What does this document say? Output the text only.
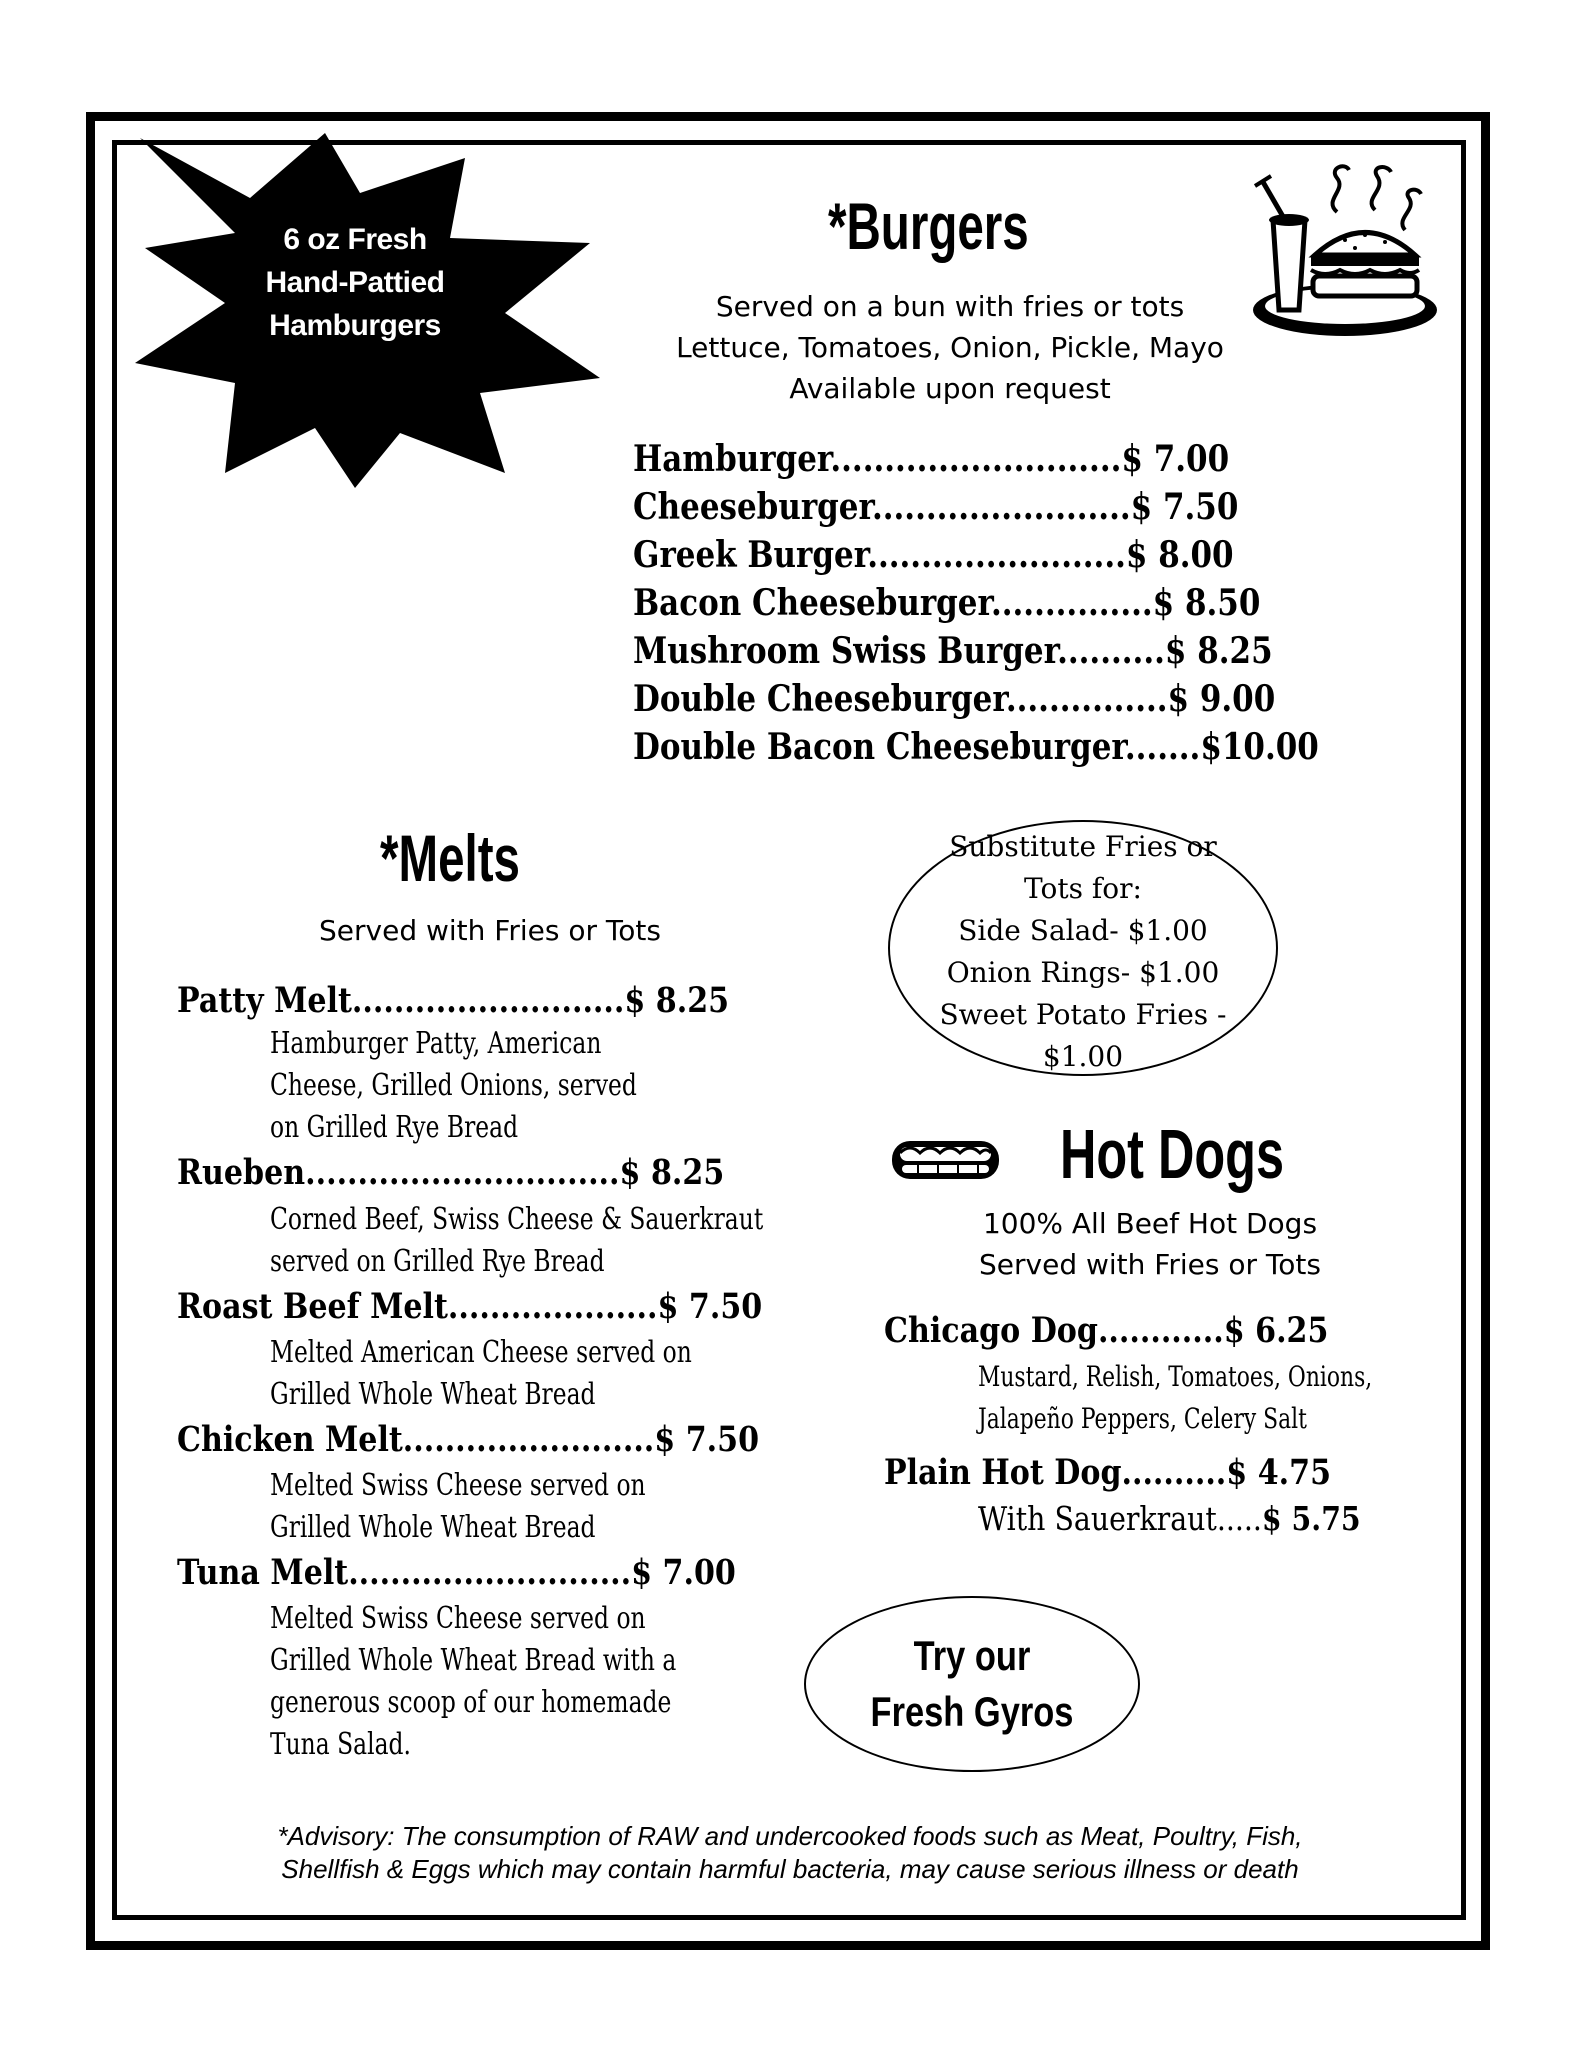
6 oz Fresh
Hand-Pattied
Hamburgers
*Burgers
Served on a bun with fries or tots
Lettuce, Tomatoes, Onion, Pickle, Mayo
Available upon request
Hamburger...........................$ 7.00
Cheeseburger........................$ 7.50
Greek Burger........................$ 8.00
Bacon Cheeseburger...............$ 8.50
Mushroom Swiss Burger..........$ 8.25
Double Cheeseburger...............$ 9.00
Double Bacon Cheeseburger.......$10.00
*Melts
Served with Fries or Tots
Patty Melt..........................$ 8.25
Hamburger Patty, American
Cheese, Grilled Onions, served
on Grilled Rye Bread
Rueben..............................$ 8.25
Corned Beef, Swiss Cheese & Sauerkraut
served on Grilled Rye Bread
Roast Beef Melt....................$ 7.50
Melted American Cheese served on
Grilled Whole Wheat Bread
Chicken Melt........................$ 7.50
Melted Swiss Cheese served on
Grilled Whole Wheat Bread
Tuna Melt...........................$ 7.00
Melted Swiss Cheese served on
Grilled Whole Wheat Bread with a
generous scoop of our homemade
Tuna Salad.
Substitute Fries or
Tots for:
Side Salad- $1.00
Onion Rings- $1.00
Sweet Potato Fries - $1.00
Hot Dogs
100% All Beef Hot Dogs
Served with Fries or Tots
Chicago Dog............$ 6.25
Mustard, Relish, Tomatoes, Onions,
Jalapeño Peppers, Celery Salt
Plain Hot Dog..........$ 4.75
With Sauerkraut.....$ 5.75
Try our
Fresh Gyros
*Advisory: The consumption of RAW and undercooked foods such as Meat, Poultry, Fish,
Shellfish & Eggs which may contain harmful bacteria, may cause serious illness or death
